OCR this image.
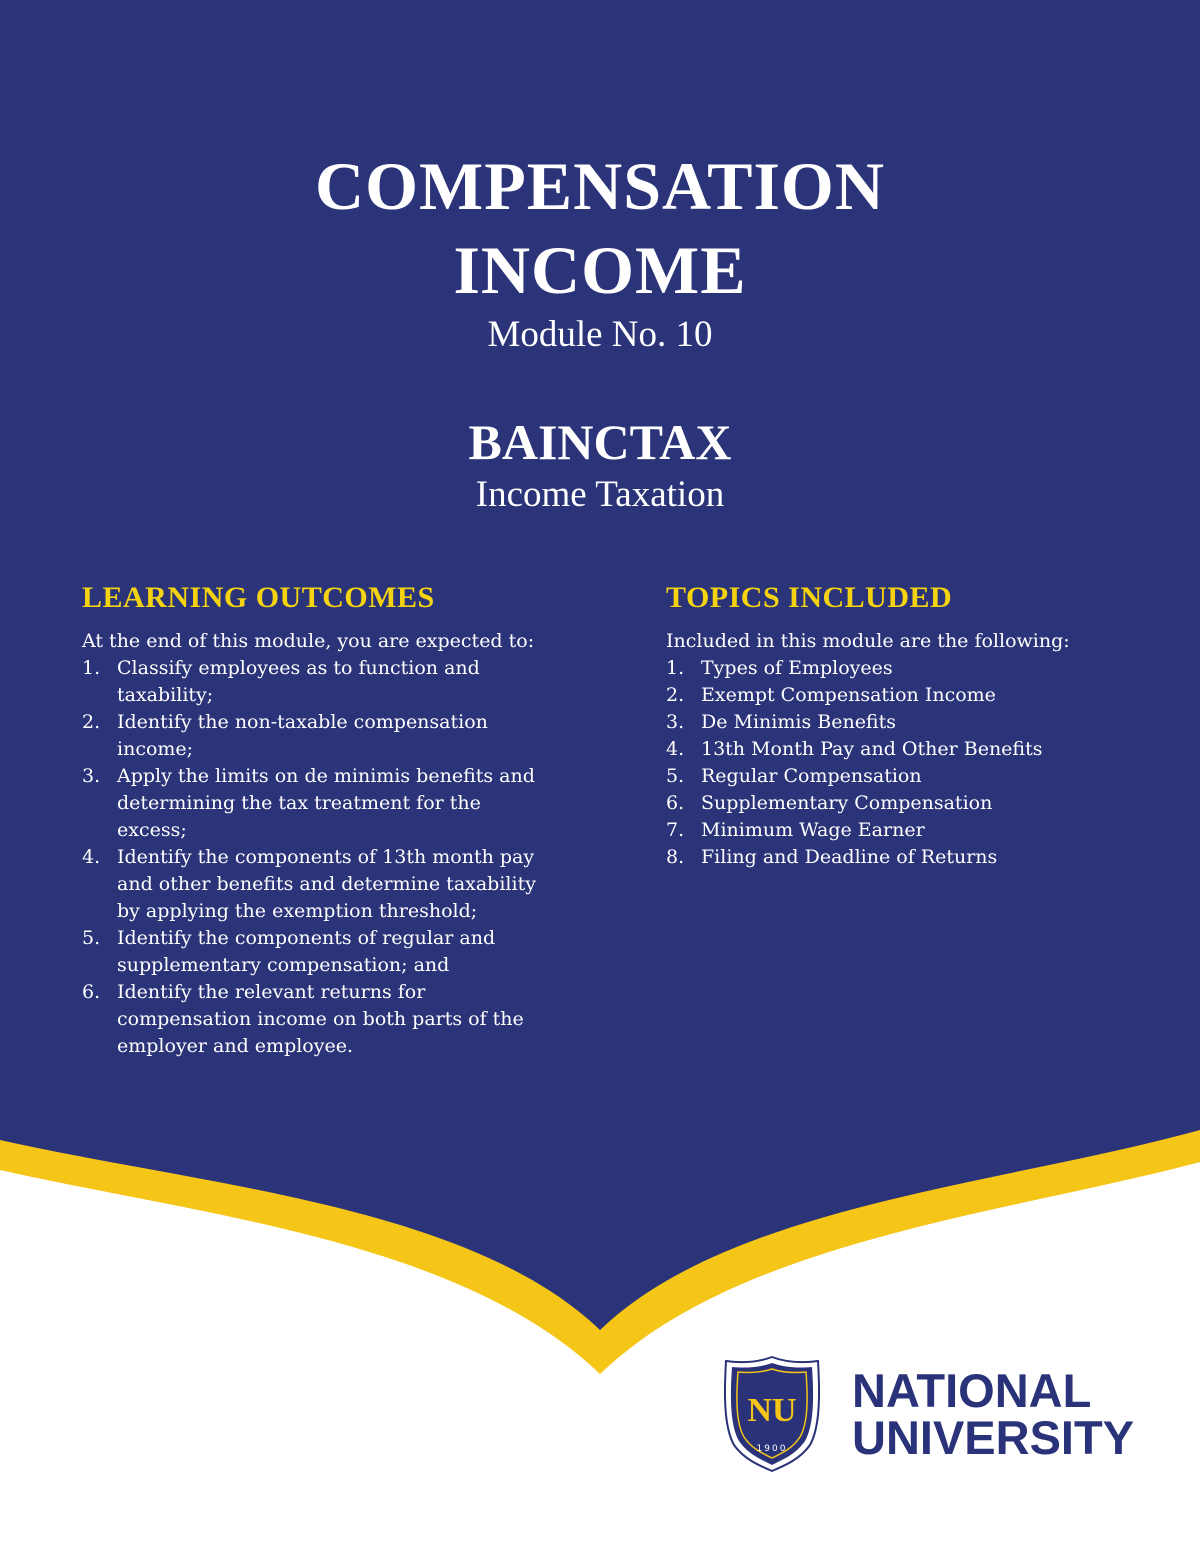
COMPENSATION
INCOME
Module No. 10
BAINCTAX
Income Taxation
LEARNING OUTCOMES

At the end of this module, you are expected to:

1. Classify employees as to function and taxability;
2. Identify the non-taxable compensation income;
3. Apply the limits on de minimis benefits and determining the tax treatment for the excess;
4. Identify the components of 13th month pay and other benefits and determine taxability by applying the exemption threshold;
5. Identify the components of regular and supplementary compensation; and
6. Identify the relevant returns for compensation income on both parts of the employer and employee.
TOPICS INCLUDED

Included in this module are the following:

1. Types of Employees
2. Exempt Compensation Income
3. De Minimis Benefits
4. 13th Month Pay and Other Benefits
5. Regular Compensation
6. Supplementary Compensation
7. Minimum Wage Earner
8. Filing and Deadline of Returns
NU
1900
NATIONAL
UNIVERSITY
